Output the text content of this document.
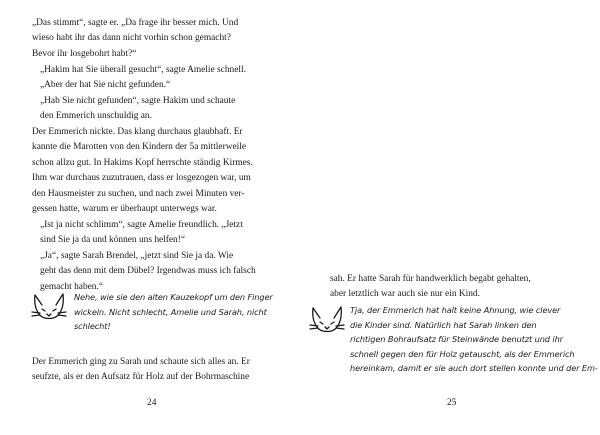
„Das stimmt“, sagte er. „Da frage ihr besser mich. Und
wieso habt ihr das dann nicht vorhin schon gemacht?
Bevor ihr losgebohrt habt?“
„Hakim hat Sie überall gesucht“, sagte Amelie schnell.
„Aber der hat Sie nicht gefunden.“
„Hab Sie nicht gefunden“, sagte Hakim und schaute
den Emmerich unschuldig an.
Der Emmerich nickte. Das klang durchaus glaubhaft. Er
kannte die Marotten von den Kindern der 5a mittlerweile
schon allzu gut. In Hakims Kopf herrschte ständig Kirmes.
Ihm war durchaus zuzutrauen, dass er losgezogen war, um
den Hausmeister zu suchen, und nach zwei Minuten ver-
gessen hatte, warum er überhaupt unterwegs war.
„Ist ja nicht schlimm“, sagte Amelie freundlich. „Jetzt
sind Sie ja da und können uns helfen!“
„Ja“, sagte Sarah Brendel, „jetzt sind Sie ja da. Wie
geht das denn mit dem Dübel? Irgendwas muss ich falsch
gemacht haben.“
Nehe, wie sie den alten Kauzekopf um den Finger
wickeln. Nicht schlecht, Amelie und Sarah, nicht
schlecht!
Der Emmerich ging zu Sarah und schaute sich alles an. Er
seufzte, als er den Aufsatz für Holz auf der Bohrmaschine
24
sah. Er hatte Sarah für handwerklich begabt gehalten,
aber letztlich war auch sie nur ein Kind.
Tja, der Emmerich hat halt keine Ahnung, wie clever
die Kinder sind. Natürlich hat Sarah linken den
richtigen Bohraufsatz für Steinwände benutzt und ihr
schnell gegen den für Holz getauscht, als der Emmerich
hereinkam, damit er sie auch dort stellen konnte und der Em-
25
